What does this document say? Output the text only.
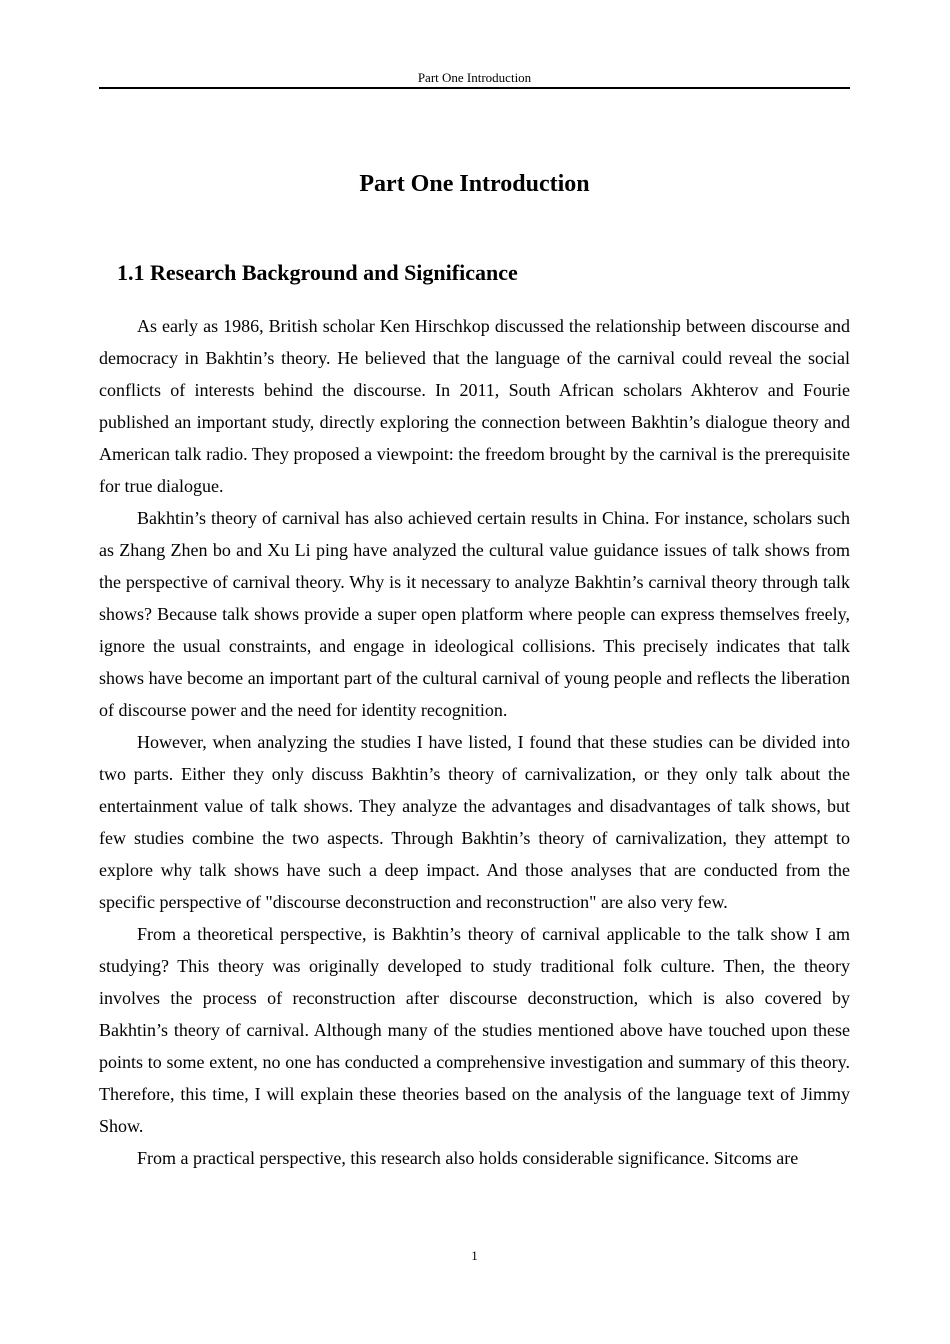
Part One Introduction
Part One Introduction
1.1 Research Background and Significance

As early as 1986, British scholar Ken Hirschkop discussed the relationship between discourse and democracy in Bakhtin’s theory. He believed that the language of the carnival could reveal the social conflicts of interests behind the discourse. In 2011, South African scholars Akhterov and Fourie published an important study, directly exploring the connection between Bakhtin’s dialogue theory and American talk radio. They proposed a viewpoint: the freedom brought by the carnival is the prerequisite for true dialogue.

Bakhtin’s theory of carnival has also achieved certain results in China. For instance, scholars such as Zhang Zhen bo and Xu Li ping have analyzed the cultural value guidance issues of talk shows from the perspective of carnival theory. Why is it necessary to analyze Bakhtin’s carnival theory through talk shows? Because talk shows provide a super open platform where people can express themselves freely, ignore the usual constraints, and engage in ideological collisions. This precisely indicates that talk shows have become an important part of the cultural carnival of young people and reflects the liberation of discourse power and the need for identity recognition.

However, when analyzing the studies I have listed, I found that these studies can be divided into two parts. Either they only discuss Bakhtin’s theory of carnivalization, or they only talk about the entertainment value of talk shows. They analyze the advantages and disadvantages of talk shows, but few studies combine the two aspects. Through Bakhtin’s theory of carnivalization, they attempt to explore why talk shows have such a deep impact. And those analyses that are conducted from the specific perspective of "discourse deconstruction and reconstruction" are also very few.

From a theoretical perspective, is Bakhtin’s theory of carnival applicable to the talk show I am studying? This theory was originally developed to study traditional folk culture. Then, the theory involves the process of reconstruction after discourse deconstruction, which is also covered by Bakhtin’s theory of carnival. Although many of the studies mentioned above have touched upon these points to some extent, no one has conducted a comprehensive investigation and summary of this theory. Therefore, this time, I will explain these theories based on the analysis of the language text of Jimmy Show.

From a practical perspective, this research also holds considerable significance. Sitcoms are

1
